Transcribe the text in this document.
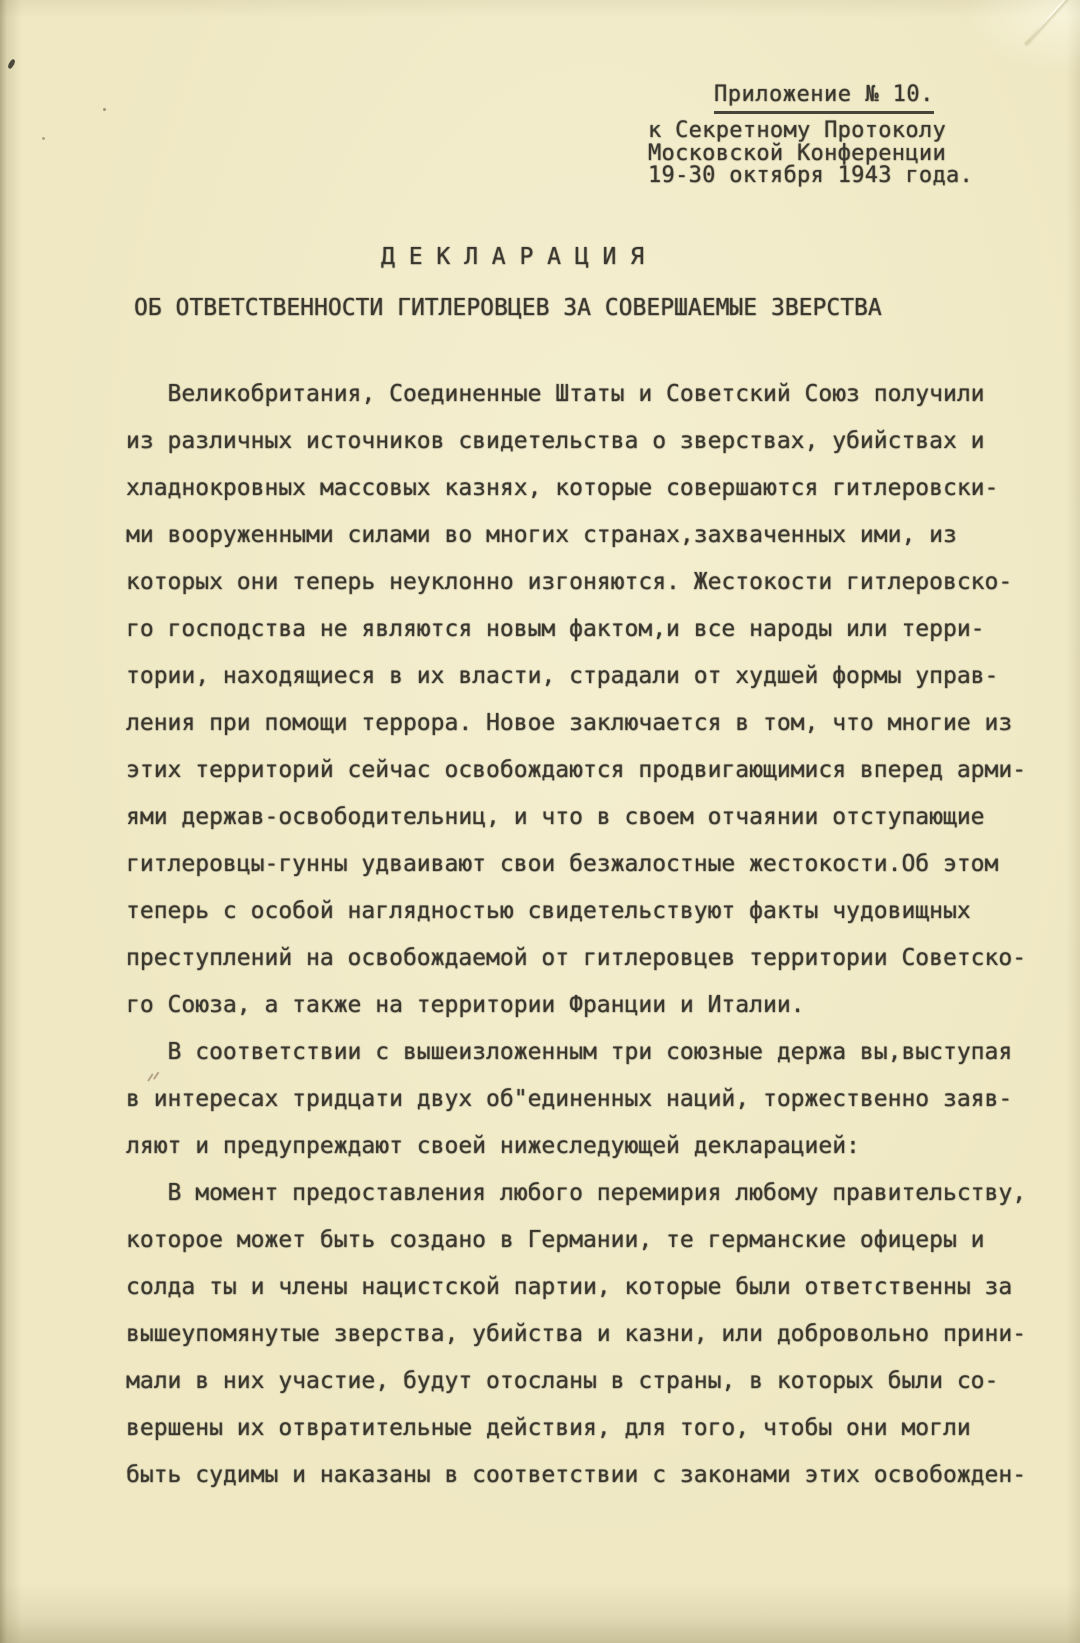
Приложение № 10.
к Секретному Протоколу
Московской Конференции
19-30 октября 1943 года.
Д Е К Л А Р А Ц И Я
ОБ ОТВЕТСТВЕННОСТИ ГИТЛЕРОВЦЕВ ЗА СОВЕРШАЕМЫЕ ЗВЕРСТВА
Великобритания, Соединенные Штаты и Советский Союз получили
из различных источников свидетельства о зверствах, убийствах и
хладнокровных массовых казнях, которые совершаются гитлеровски-
ми вооруженными силами во многих странах,захваченных ими, из
которых они теперь неуклонно изгоняются. Жестокости гитлеровско-
го господства не являются новым фактом,и все народы или терри-
тории, находящиеся в их власти, страдали от худшей формы управ-
ления при помощи террора. Новое заключается в том, что многие из
этих территорий сейчас освобождаются продвигающимися вперед арми-
ями держав-освободительниц, и что в своем отчаянии отступающие
гитлеровцы-гунны удваивают свои безжалостные жестокости.Об этом
теперь с особой наглядностью свидетельствуют факты чудовищных
преступлений на освобождаемой от гитлеровцев территории Советско-
го Союза, а также на территории Франции и Италии.
В соответствии с вышеизложенным три союзные держа вы,выступая
в интересах тридцати двух об"единенных наций, торжественно заяв-
ляют и предупреждают своей нижеследующей декларацией:
В момент предоставления любого перемирия любому правительству,
которое может быть создано в Германии, те германские офицеры и
солда ты и члены нацистской партии, которые были ответственны за
вышеупомянутые зверства, убийства и казни, или добровольно прини-
мали в них участие, будут отосланы в страны, в которых были со-
вершены их отвратительные действия, для того, чтобы они могли
быть судимы и наказаны в соответствии с законами этих освобожден-
